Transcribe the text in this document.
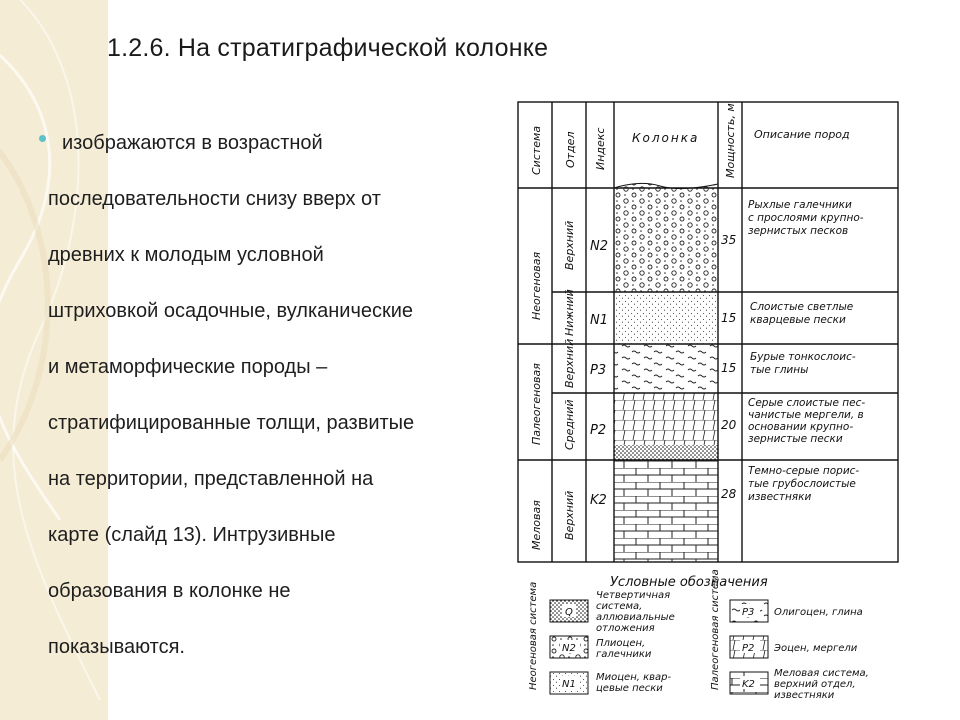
1.2.6. На стратиграфической колонке
изображаются в возрастной
последовательности снизу вверх от
древних к молодым условной
штриховкой осадочные, вулканические
и метаморфические породы –
стратифицированные толщи, развитые
на территории, представленной на
карте (слайд 13). Интрузивные
образования в колонке не
показываются.
Система Отдел Индекс Колонка Мощность, м Описание пород
Неогеновая
Палеогеновая
Меловая
Верхний
Нижний
Верхний
Средний
Верхний
N2
N1
P3
P2
K2
35
15
15
20
28
Рыхлые галечники
с прослоями крупно-
зернистых песков
Слоистые светлые
кварцевые пески
Бурые тонкослоис-
тые глины
Серые слоистые пес-
чанистые мергели, в
основании крупно-
зернистые пески
Темно-серые порис-
тые грубослоистые
известняки
Условные обозначения
Неогеновая система	Палеогеновая система
Q
Четвертичная
система,
аллювиальные
отложения
N2 Плиоцен,
галечники
N1
Миоцен, квар-
цевые пески
P3 Олигоцен, глина
P2 Эоцен, мергели
K2
Меловая система,
верхний отдел,
известняки
